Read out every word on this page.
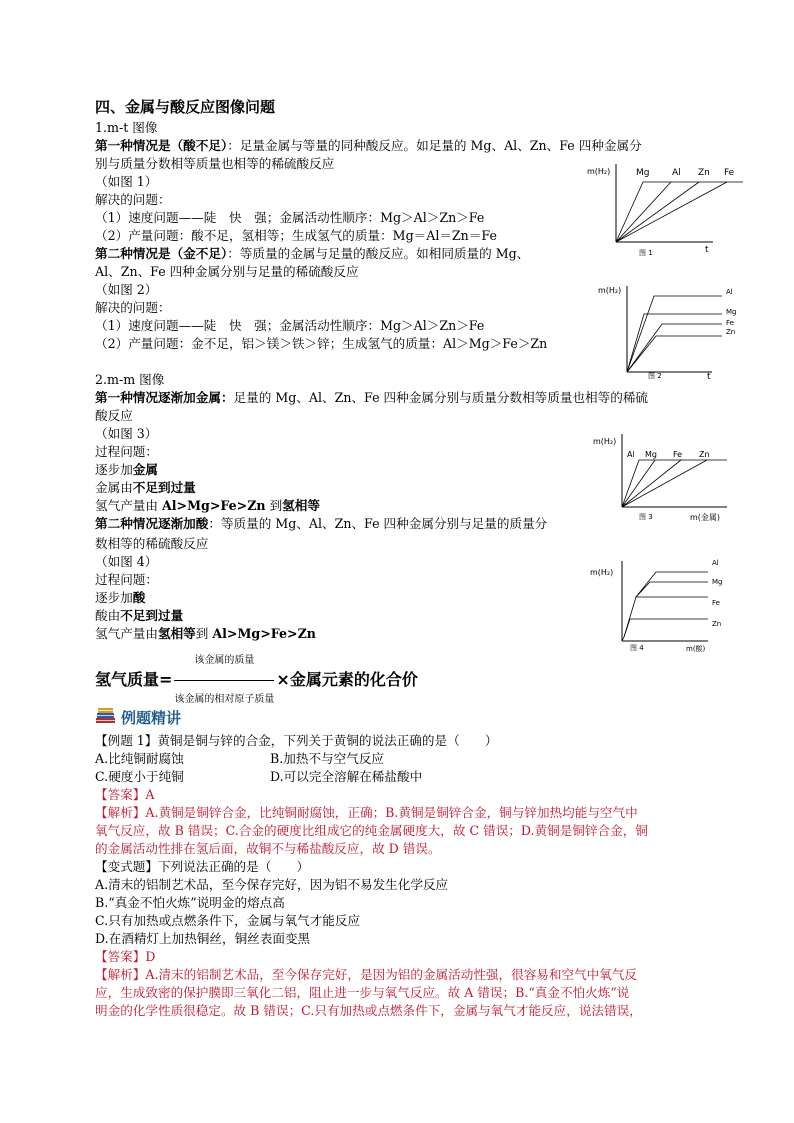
四、金属与酸反应图像问题
1.m-t 图像
第一种情况是（酸不足）：足量金属与等量的同种酸反应。如足量的 Mg、Al、Zn、Fe 四种金属分
别与质量分数相等质量也相等的稀硫酸反应
（如图 1）
解决的问题：
（1）速度问题——陡　快　强；金属活动性顺序：Mg＞Al＞Zn＞Fe
（2）产量问题：酸不足，氢相等；生成氢气的质量：Mg＝Al＝Zn＝Fe
第二种情况是（金不足）：等质量的金属与足量的酸反应。如相同质量的 Mg、
Al、Zn、Fe 四种金属分别与足量的稀硫酸反应
（如图 2）
解决的问题：
（1）速度问题——陡　快　强；金属活动性顺序：Mg＞Al＞Zn＞Fe
（2）产量问题：金不足，铝＞镁＞铁＞锌；生成氢气的质量：Al＞Mg＞Fe＞Zn
2.m-m 图像
第一种情况逐渐加金属：足量的 Mg、Al、Zn、Fe 四种金属分别与质量分数相等质量也相等的稀硫
酸反应
（如图 3）
过程问题：
逐步加金属
金属由不足到过量
氢气产量由 Al>Mg>Fe>Zn 到氢相等
第二种情况逐渐加酸：等质量的 Mg、Al、Zn、Fe 四种金属分别与足量的质量分
数相等的稀硫酸反应
（如图 4）
过程问题：
逐步加酸
酸由不足到过量
氢气产量由氢相等到 Al>Mg>Fe>Zn
氢气质量= $\frac{\text{该金属的质量}}{\text{该金属的相对原子质量}}$ ×金属元素的化合价
例题精讲
【例题 1】黄铜是铜与锌的合金，下列关于黄铜的说法正确的是（　　）
A.比纯铜耐腐蚀	B.加热不与空气反应
C.硬度小于纯铜	D.可以完全溶解在稀盐酸中
【答案】A
【解析】A.黄铜是铜锌合金，比纯铜耐腐蚀，正确；B.黄铜是铜锌合金，铜与锌加热均能与空气中
氧气反应，故 B 错误；C.合金的硬度比组成它的纯金属硬度大，故 C 错误；D.黄铜是铜锌合金，铜
的金属活动性排在氢后面，故铜不与稀盐酸反应，故 D 错误。
【变式题】下列说法正确的是（　　）
A.清末的铝制艺术品，至今保存完好，因为铝不易发生化学反应
B.“真金不怕火炼”说明金的熔点高
C.只有加热或点燃条件下，金属与氧气才能反应
D.在酒精灯上加热铜丝，铜丝表面变黑
【答案】D
【解析】A.清末的铝制艺术品，至今保存完好，是因为铝的金属活动性强，很容易和空气中氧气反
应，生成致密的保护膜即三氧化二铝，阻止进一步与氧气反应。故 A 错误；B.“真金不怕火炼”说
明金的化学性质很稳定。故 B 错误；C.只有加热或点燃条件下，金属与氧气才能反应，说法错误，
m(H₂)	Mg	Al Zn Fe
t
图 1
m(H₂)	Al
Mg
Fe
Zn
t
图 2
m(H₂)
Al Mg Fe Zn
m(金属)
图 3
m(H₂)
Al
Mg
Fe
Zn
m(酸)
图 4
